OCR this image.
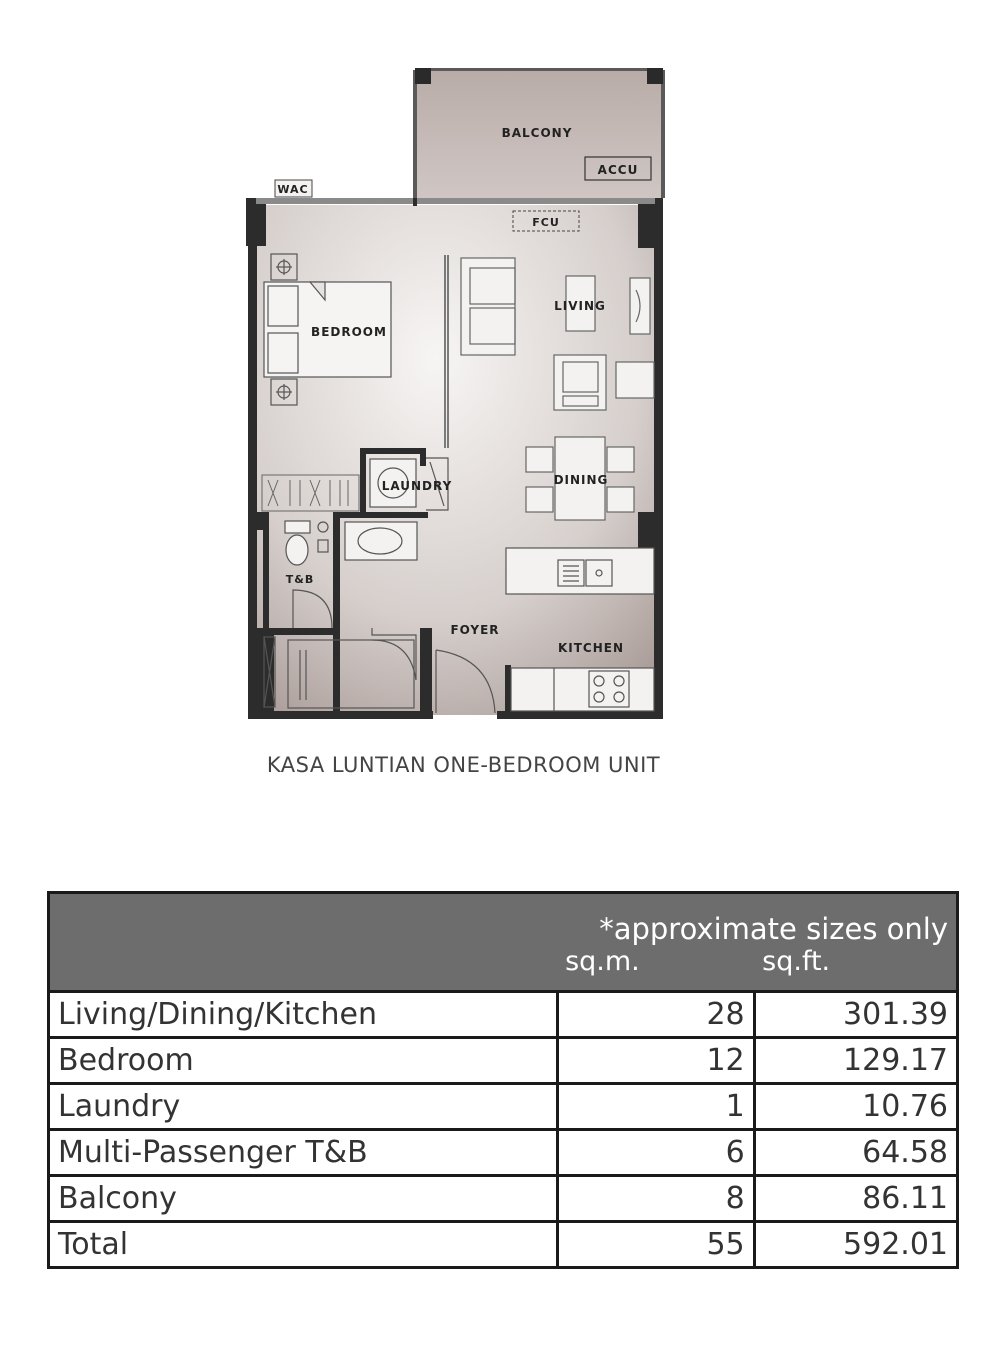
BALCONY
ACCU
WAC
FCU
BEDROOM
LIVING
LAUNDRY	DINING
T&B
FOYER
KITCHEN
KASA LUNTIAN ONE-BEDROOM UNIT
*approximate sizes only		
	sq.m.	sq.ft.
Living/Dining/Kitchen	28	301.39
Bedroom	12	129.17
Laundry	1	10.76
Multi-Passenger T&B	6	64.58
Balcony	8	86.11
Total	55	592.01
